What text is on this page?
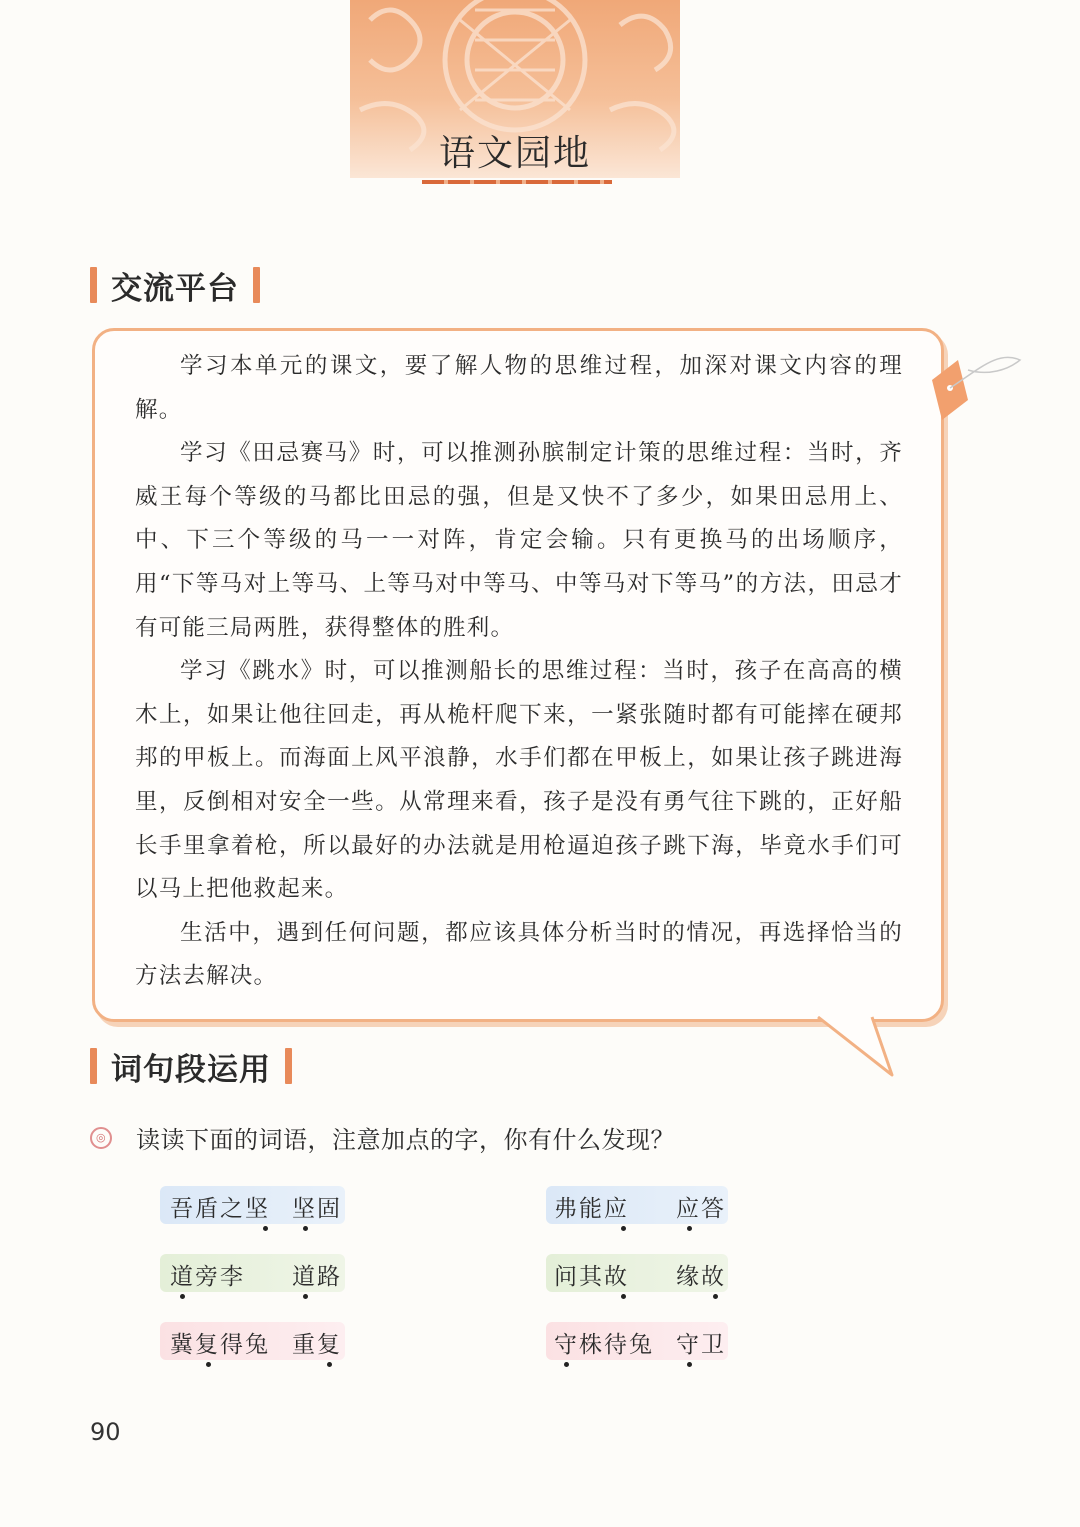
语文园地
交流平台

学习本单元的课文，要了解人物的思维过程，加深对课文内容的理解。

学习《田忌赛马》时，可以推测孙膑制定计策的思维过程：当时，齐威王每个等级的马都比田忌的强，但是又快不了多少，如果田忌用上、中、下三个等级的马一一对阵，肯定会输。只有更换马的出场顺序，用“下等马对上等马、上等马对中等马、中等马对下等马”的方法，田忌才有可能三局两胜，获得整体的胜利。

学习《跳水》时，可以推测船长的思维过程：当时，孩子在高高的横木上，如果让他往回走，再从桅杆爬下来，一紧张随时都有可能摔在硬邦邦的甲板上。而海面上风平浪静，水手们都在甲板上，如果让孩子跳进海里，反倒相对安全一些。从常理来看，孩子是没有勇气往下跳的，正好船长手里拿着枪，所以最好的办法就是用枪逼迫孩子跳下海，毕竟水手们可以马上把他救起来。

生活中，遇到任何问题，都应该具体分析当时的情况，再选择恰当的方法去解决。

词句段运用
◎ 读读下面的词语，注意加点的字，你有什么发现？
吾盾之坚 坚固	弗能应 应答
道旁李 道路	问其故 缘故
冀复得兔 重复	守株待兔 守卫
90
